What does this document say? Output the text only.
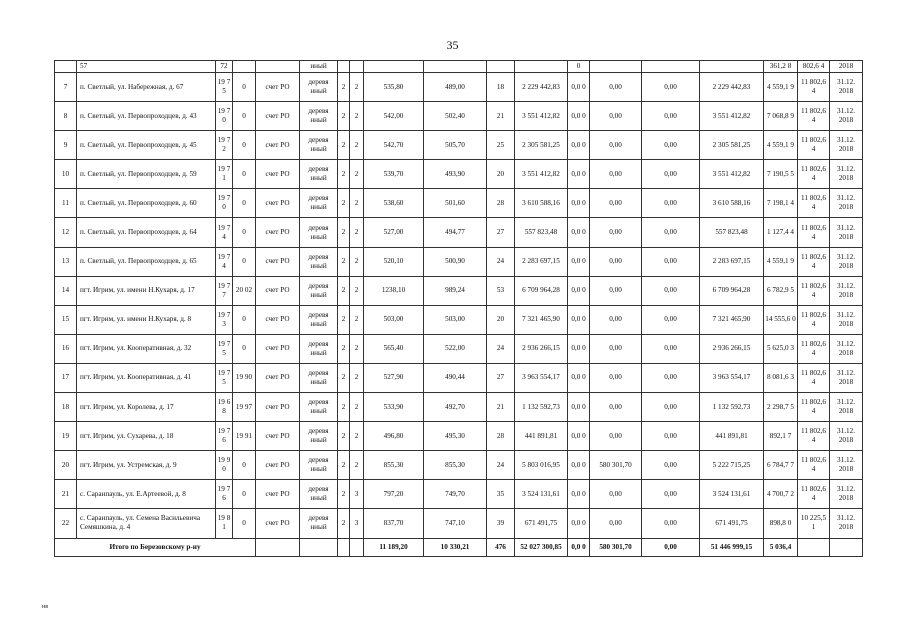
35
	57	72			иный							0				361,2 8	802,6 4	2018
7	п. Светлый, ул. Набережная, д. 67	19 75	0	счет РО	деревя нный	2	2	535,80	489,00	18	2 229 442,83	0,0 0	0,00	0,00	2 229 442,83	4 559,1 9	11 802,6 4	31.12. 2018
8	п. Светлый, ул. Первопроходцев, д. 43	19 70	0	счет РО	деревя нный	2	2	542,00	502,40	21	3 551 412,82	0,0 0	0,00	0,00	3 551 412,82	7 068,8 9	11 802,6 4	31.12. 2018
9	п. Светлый, ул. Первопроходцев, д. 45	19 72	0	счет РО	деревя нный	2	2	542,70	505,70	25	2 305 581,25	0,0 0	0,00	0,00	2 305 581,25	4 559,1 9	11 802,6 4	31.12. 2018
10	п. Светлый, ул. Первопроходцев, д. 59	19 71	0	счет РО	деревя нный	2	2	539,70	493,90	20	3 551 412,82	0,0 0	0,00	0,00	3 551 412,82	7 190,5 5	11 802,6 4	31.12. 2018
11	п. Светлый, ул. Первопроходцев, д. 60	19 70	0	счет РО	деревя нный	2	2	538,60	501,60	28	3 610 588,16	0,0 0	0,00	0,00	3 610 588,16	7 198,1 4	11 802,6 4	31.12. 2018
12	п. Светлый, ул. Первопроходцев, д. 64	19 74	0	счет РО	деревя нный	2	2	527,00	494,77	27	557 823,48	0,0 0	0,00	0,00	557 823,48	1 127,4 4	11 802,6 4	31.12. 2018
13	п. Светлый, ул. Первопроходцев, д. 65	19 74	0	счет РО	деревя нный	2	2	520,10	500,90	24	2 283 697,15	0,0 0	0,00	0,00	2 283 697,15	4 559,1 9	11 802,6 4	31.12. 2018
14	пгт. Игрим, ул. имени Н.Кухаря, д. 17	19 77	20 02	счет РО	деревя нный	2	2	1238,10	989,24	53	6 709 964,28	0,0 0	0,00	0,00	6 709 964,28	6 782,9 5	11 802,6 4	31.12. 2018
15	пгт. Игрим, ул. имени Н.Кухаря, д. 8	19 73	0	счет РО	деревя нный	2	2	503,00	503,00	20	7 321 465,90	0,0 0	0,00	0,00	7 321 465,90	14 555,6 0	11 802,6 4	31.12. 2018
16	пгт. Игрим, ул. Кооперативная, д. 32	19 75	0	счет РО	деревя нный	2	2	565,40	522,00	24	2 936 266,15	0,0 0	0,00	0,00	2 936 266,15	5 625,0 3	11 802,6 4	31.12. 2018
17	пгт. Игрим, ул. Кооперативная, д. 41	19 75	19 90	счет РО	деревя нный	2	2	527,90	490,44	27	3 963 554,17	0,0 0	0,00	0,00	3 963 554,17	8 081,6 3	11 802,6 4	31.12. 2018
18	пгт. Игрим, ул. Королева, д. 17	19 68	19 97	счет РО	деревя нный	2	2	533,90	492,70	21	1 132 592,73	0,0 0	0,00	0,00	1 132 592,73	2 298,7 5	11 802,6 4	31.12. 2018
19	пгт. Игрим, ул. Сухарева, д. 18	19 76	19 91	счет РО	деревя нный	2	2	496,80	495,30	28	441 891,81	0,0 0	0,00	0,00	441 891,81	892,1 7	11 802,6 4	31.12. 2018
20	пгт. Игрим, ул. Устремская, д. 9	19 90	0	счет РО	деревя нный	2	2	855,30	855,30	24	5 803 016,95	0,0 0	580 301,70	0,00	5 222 715,25	6 784,7 7	11 802,6 4	31.12. 2018
21	с. Саранпауль, ул. Е.Артеевой, д. 8	19 76	0	счет РО	деревя нный	2	3	797,20	749,70	35	3 524 131,61	0,0 0	0,00	0,00	3 524 131,61	4 700,7 2	11 802,6 4	31.12. 2018
22	с. Саранпауль, ул. Семена Васильевича Семяшкина, д. 4	19 81	0	счет РО	деревя нный	2	3	837,70	747,10	39	671 491,75	0,0 0	0,00	0,00	671 491,75	898,8 0	10 225,5 1	31.12. 2018
Итого по Березовскому р-ну								11 189,20	10 330,21	476	52 027 300,85	0,0 0	580 301,70	0,00	51 446 999,15	5 036,4		
нв
